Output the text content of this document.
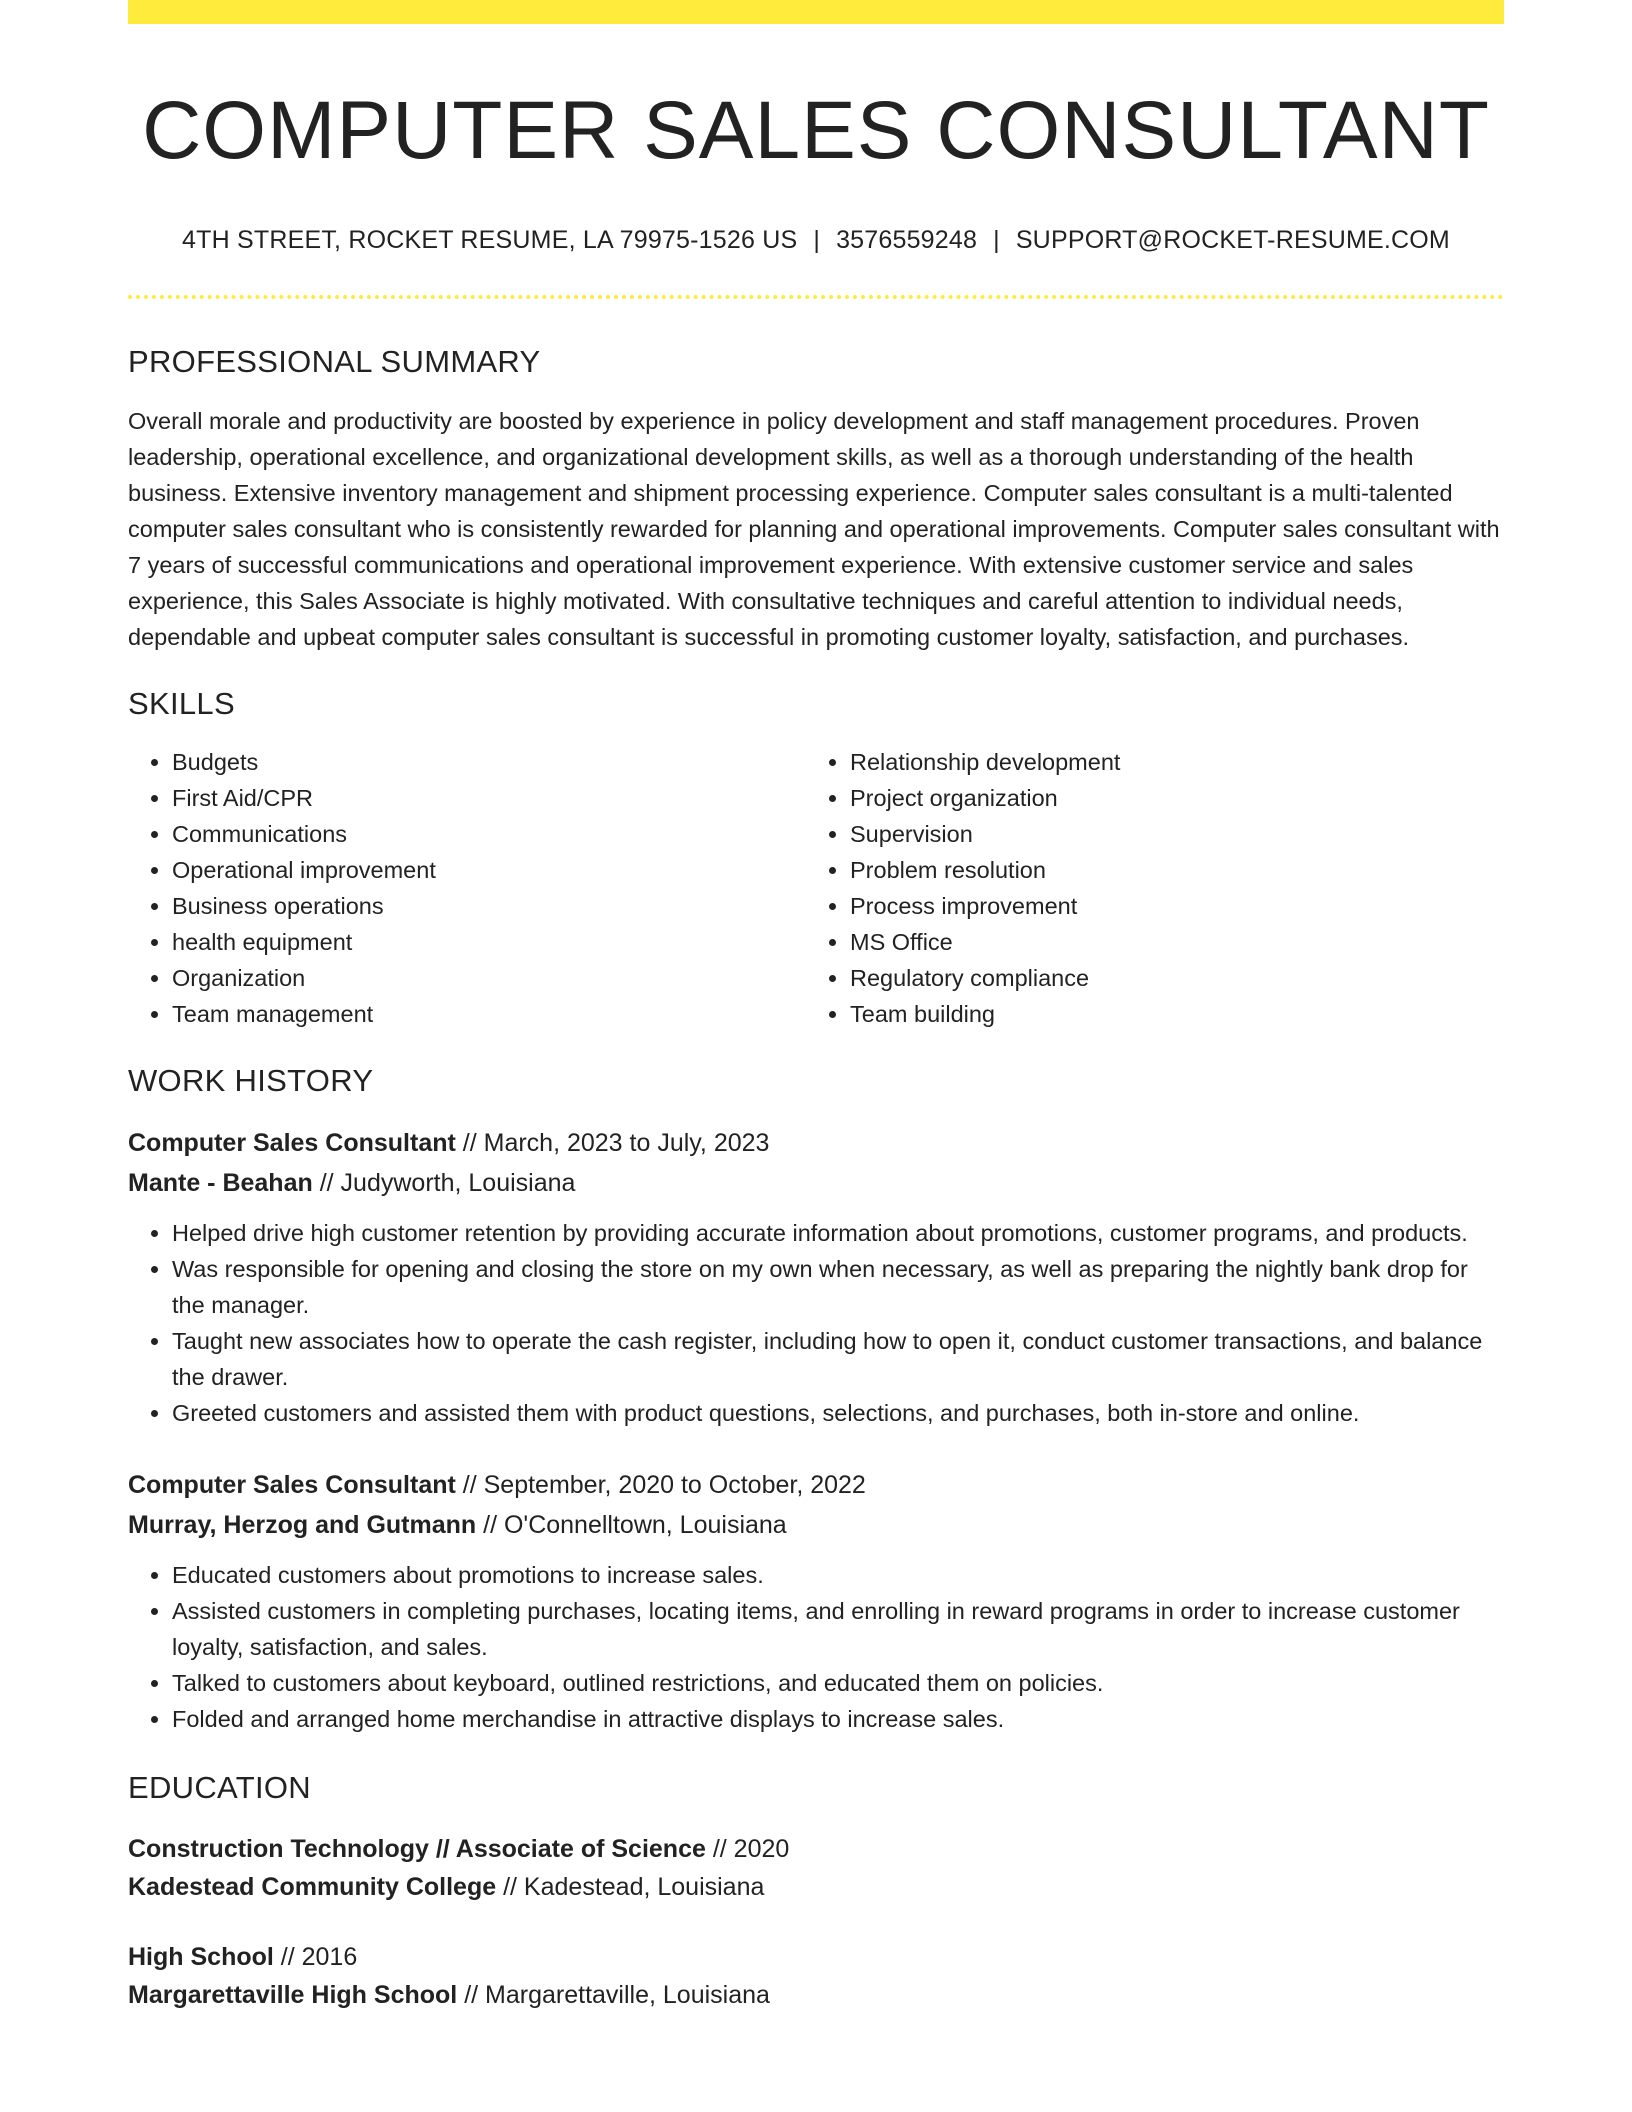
COMPUTER SALES CONSULTANT
4TH STREET, ROCKET RESUME, LA 79975-1526 US | 3576559248 | SUPPORT@ROCKET-RESUME.COM
PROFESSIONAL SUMMARY
Overall morale and productivity are boosted by experience in policy development and staff management procedures. Proven leadership, operational excellence, and organizational development skills, as well as a thorough understanding of the health business. Extensive inventory management and shipment processing experience. Computer sales consultant is a multi-talented computer sales consultant who is consistently rewarded for planning and operational improvements. Computer sales consultant with 7 years of successful communications and operational improvement experience. With extensive customer service and sales experience, this Sales Associate is highly motivated. With consultative techniques and careful attention to individual needs, dependable and upbeat computer sales consultant is successful in promoting customer loyalty, satisfaction, and purchases.
SKILLS
• Budgets
• First Aid/CPR
• Communications
• Operational improvement
• Business operations
• health equipment
• Organization
• Team management
• Relationship development
• Project organization
• Supervision
• Problem resolution
• Process improvement
• MS Office
• Regulatory compliance
• Team building
WORK HISTORY
Computer Sales Consultant // March, 2023 to July, 2023
Mante - Beahan // Judyworth, Louisiana
• Helped drive high customer retention by providing accurate information about promotions, customer programs, and products.
• Was responsible for opening and closing the store on my own when necessary, as well as preparing the nightly bank drop for the manager.
• Taught new associates how to operate the cash register, including how to open it, conduct customer transactions, and balance the drawer.
• Greeted customers and assisted them with product questions, selections, and purchases, both in-store and online.
Computer Sales Consultant // September, 2020 to October, 2022
Murray, Herzog and Gutmann // O'Connelltown, Louisiana
• Educated customers about promotions to increase sales.
• Assisted customers in completing purchases, locating items, and enrolling in reward programs in order to increase customer loyalty, satisfaction, and sales.
• Talked to customers about keyboard, outlined restrictions, and educated them on policies.
• Folded and arranged home merchandise in attractive displays to increase sales.
EDUCATION
Construction Technology // Associate of Science // 2020
Kadestead Community College // Kadestead, Louisiana
High School // 2016
Margarettaville High School // Margarettaville, Louisiana
